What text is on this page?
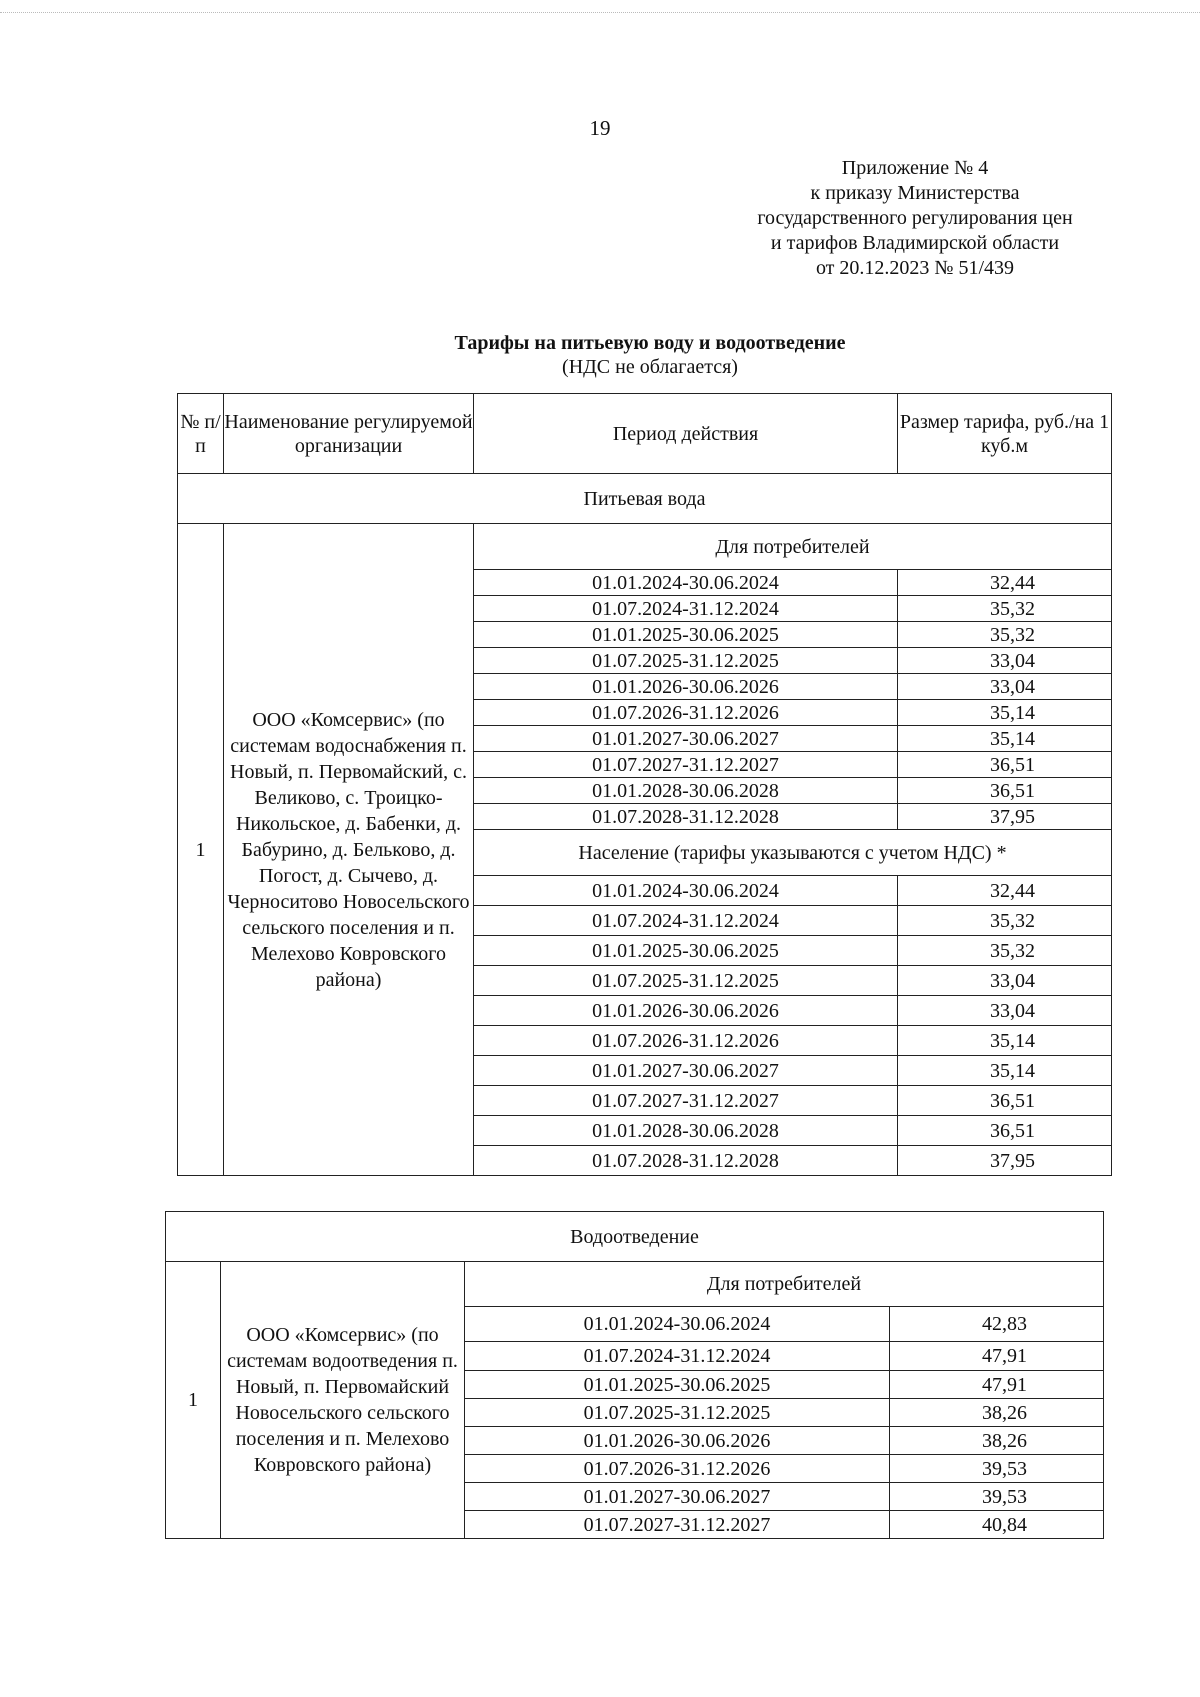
19
Приложение № 4
к приказу Министерства
государственного регулирования цен
и тарифов Владимирской области
от 20.12.2023 № 51/439
Тарифы на питьевую воду и водоотведение
(НДС не облагается)
№ п/п	Наименование регулируемой организации	Период действия	Размер тарифа, руб./на 1 куб.м
Питьевая вода			
1	ООО «Комсервис» (по системам водоснабжения п. Новый, п. Первомайский, с. Великово, с. Троицко-Никольское, д. Бабенки, д. Бабурино, д. Бельково, д. Погост, д. Сычево, д. Черноситово Новосельского сельского поселения и п. Мелехово Ковровского района)	Для потребителей	
		01.01.2024-30.06.2024	32,44
		01.07.2024-31.12.2024	35,32
		01.01.2025-30.06.2025	35,32
		01.07.2025-31.12.2025	33,04
		01.01.2026-30.06.2026	33,04
		01.07.2026-31.12.2026	35,14
		01.01.2027-30.06.2027	35,14
		01.07.2027-31.12.2027	36,51
		01.01.2028-30.06.2028	36,51
		01.07.2028-31.12.2028	37,95
		Население (тарифы указываются с учетом НДС) *	
		01.01.2024-30.06.2024	32,44
		01.07.2024-31.12.2024	35,32
		01.01.2025-30.06.2025	35,32
		01.07.2025-31.12.2025	33,04
		01.01.2026-30.06.2026	33,04
		01.07.2026-31.12.2026	35,14
		01.01.2027-30.06.2027	35,14
		01.07.2027-31.12.2027	36,51
		01.01.2028-30.06.2028	36,51
		01.07.2028-31.12.2028	37,95
Водоотведение			
1	ООО «Комсервис» (по системам водоотведения п. Новый, п. Первомайский Новосельского сельского поселения и п. Мелехово Ковровского района)	Для потребителей	
		01.01.2024-30.06.2024	42,83
		01.07.2024-31.12.2024	47,91
		01.01.2025-30.06.2025	47,91
		01.07.2025-31.12.2025	38,26
		01.01.2026-30.06.2026	38,26
		01.07.2026-31.12.2026	39,53
		01.01.2027-30.06.2027	39,53
		01.07.2027-31.12.2027	40,84
